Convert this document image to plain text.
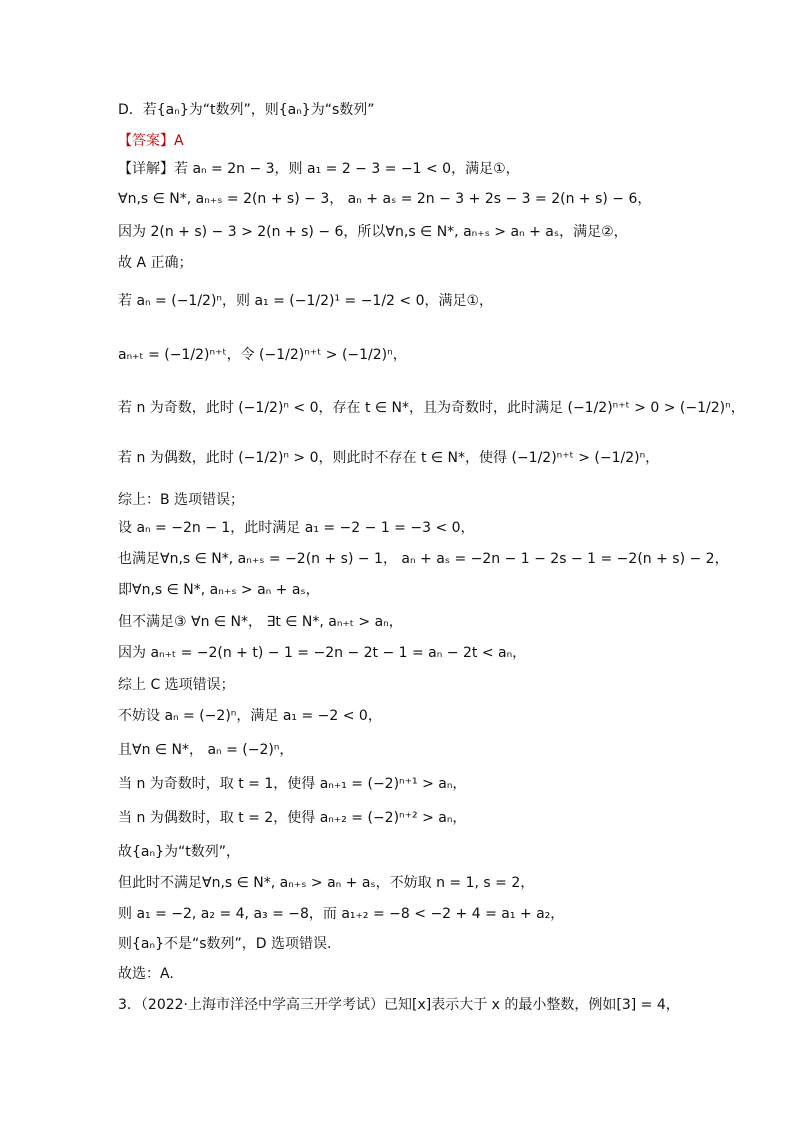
D．若{aₙ}为“t数列”，则{aₙ}为“s数列”
【答案】A
【详解】若 aₙ = 2n − 3，则 a₁ = 2 − 3 = −1 < 0，满足①，
∀n,s ∈ N*, aₙ₊ₛ = 2(n + s) − 3， aₙ + aₛ = 2n − 3 + 2s − 3 = 2(n + s) − 6，
因为 2(n + s) − 3 > 2(n + s) − 6，所以∀n,s ∈ N*, aₙ₊ₛ > aₙ + aₛ，满足②，
故 A 正确；
若 aₙ = (−1/2)ⁿ，则 a₁ = (−1/2)¹ = −1/2 < 0，满足①，
aₙ₊ₜ = (−1/2)ⁿ⁺ᵗ，令 (−1/2)ⁿ⁺ᵗ > (−1/2)ⁿ，
若 n 为奇数，此时 (−1/2)ⁿ < 0，存在 t ∈ N*，且为奇数时，此时满足 (−1/2)ⁿ⁺ᵗ > 0 > (−1/2)ⁿ，
若 n 为偶数，此时 (−1/2)ⁿ > 0，则此时不存在 t ∈ N*，使得 (−1/2)ⁿ⁺ᵗ > (−1/2)ⁿ，
综上：B 选项错误；
设 aₙ = −2n − 1，此时满足 a₁ = −2 − 1 = −3 < 0，
也满足∀n,s ∈ N*, aₙ₊ₛ = −2(n + s) − 1， aₙ + aₛ = −2n − 1 − 2s − 1 = −2(n + s) − 2，
即∀n,s ∈ N*, aₙ₊ₛ > aₙ + aₛ，
但不满足③ ∀n ∈ N*， ∃t ∈ N*, aₙ₊ₜ > aₙ，
因为 aₙ₊ₜ = −2(n + t) − 1 = −2n − 2t − 1 = aₙ − 2t < aₙ，
综上 C 选项错误；
不妨设 aₙ = (−2)ⁿ，满足 a₁ = −2 < 0，
且∀n ∈ N*， aₙ = (−2)ⁿ，
当 n 为奇数时，取 t = 1，使得 aₙ₊₁ = (−2)ⁿ⁺¹ > aₙ，
当 n 为偶数时，取 t = 2，使得 aₙ₊₂ = (−2)ⁿ⁺² > aₙ，
故{aₙ}为“t数列”，
但此时不满足∀n,s ∈ N*, aₙ₊ₛ > aₙ + aₛ，不妨取 n = 1, s = 2，
则 a₁ = −2, a₂ = 4, a₃ = −8，而 a₁₊₂ = −8 < −2 + 4 = a₁ + a₂，
则{aₙ}不是“s数列”，D 选项错误.
故选：A.
3．（2022·上海市洋泾中学高三开学考试）已知[x]表示大于 x 的最小整数，例如[3] = 4，
